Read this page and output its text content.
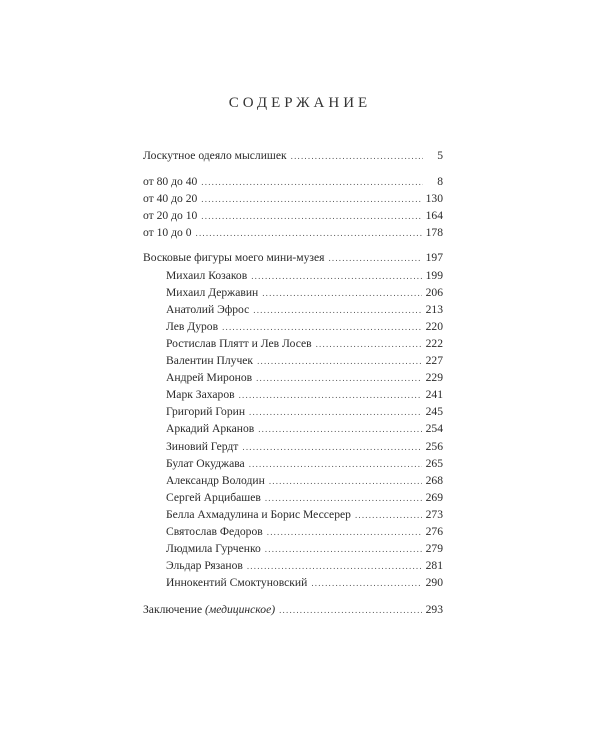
СОДЕРЖАНИЕ
Лоскутное одеяло мыслишек .....	5
от 80 до 40 .....	8
от 40 до 20 .....	130
от 20 до 10 .....	164
от 10 до 0 .....	178
Восковые фигуры моего мини-музея .....	197
Михаил Козаков .....	199
Михаил Державин .....	206
Анатолий Эфрос .....	213
Лев Дуров .....	220
Ростислав Плятт и Лев Лосев .....	222
Валентин Плучек .....	227
Андрей Миронов .....	229
Марк Захаров .....	241
Григорий Горин .....	245
Аркадий Арканов .....	254
Зиновий Гердт .....	256
Булат Окуджава .....	265
Александр Володин .....	268
Сергей Арцибашев .....	269
Белла Ахмадулина и Борис Мессерер .....	273
Святослав Федоров .....	276
Людмила Гурченко .....	279
Эльдар Рязанов .....	281
Иннокентий Смоктуновский .....	290
Заключение (медицинское) .....	293
